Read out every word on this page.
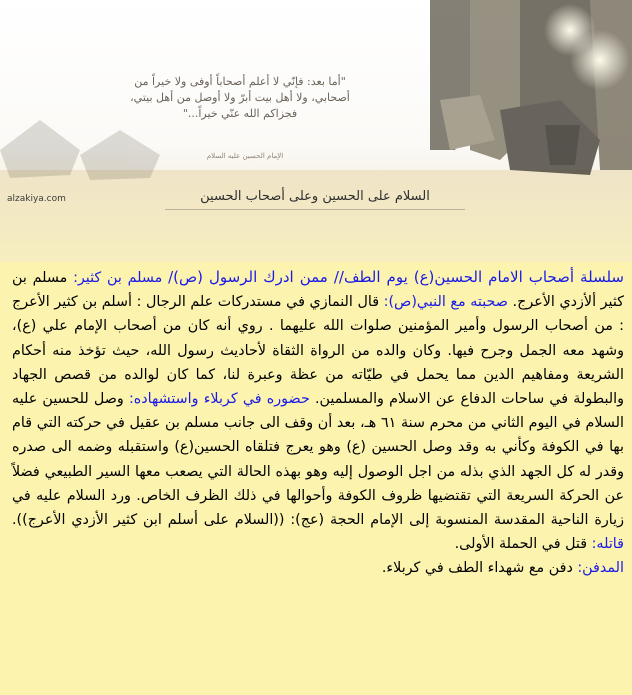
"أما بعد: فإنّي لا أعلم أصحاباً أوفى ولا خيراً من
أصحابي، ولا أهل بيت أبرّ ولا أوصل من أهل بيتي،
فجزاكم الله عنّي خيراً..."
الإمام الحسين عليه السلام
alzakiya.com	السلام على الحسين وعلى أصحاب الحسين
سلسلة أصحاب الامام الحسين(ع) يوم الطف// ممن ادرك الرسول (ص)/ مسلم بن كثير: مسلم بن كثير ألأزدي الأعرج. صحبته مع النبي(ص): قال النمازي في مستدركات علم الرجال : أسلم بن كثير الأعرج : من أصحاب الرسول وأمير المؤمنين صلوات الله عليهما . روي أنه كان من أصحاب الإمام علي (ع)، وشهد معه الجمل وجرح فيها. وكان والده من الرواة الثقاة لأحاديث رسول الله، حيث تؤخذ منه أحكام الشريعة ومفاهيم الدين مما يحمل في طيّاته من عظة وعبرة لنا، كما كان لوالده من قصص الجهاد والبطولة في ساحات الدفاع عن الاسلام والمسلمين. حضوره في كربلاء واستشهاده: وصل للحسين عليه السلام في اليوم الثاني من محرم سنة ٦١ هـ، بعد أن وقف الى جانب مسلم بن عقيل في حركته التي قام بها في الكوفة وكأني به وقد وصل الحسين (ع) وهو يعرج فتلقاه الحسين(ع) واستقبله وضمه الى صدره وقدر له كل الجهد الذي بذله من اجل الوصول إليه وهو بهذه الحالة التي يصعب معها السير الطبيعي فضلاً عن الحركة السريعة التي تقتضيها ظروف الكوفة وأحوالها في ذلك الظرف الخاص. ورد السلام عليه في زيارة الناحية المقدسة المنسوبة إلى الإمام الحجة (عج): ((السلام على أسلم ابن كثير الأزدي الأعرج)). قاتله: قتل في الحملة الأولى.
المدفن: دفن مع شهداء الطف في كربلاء.
